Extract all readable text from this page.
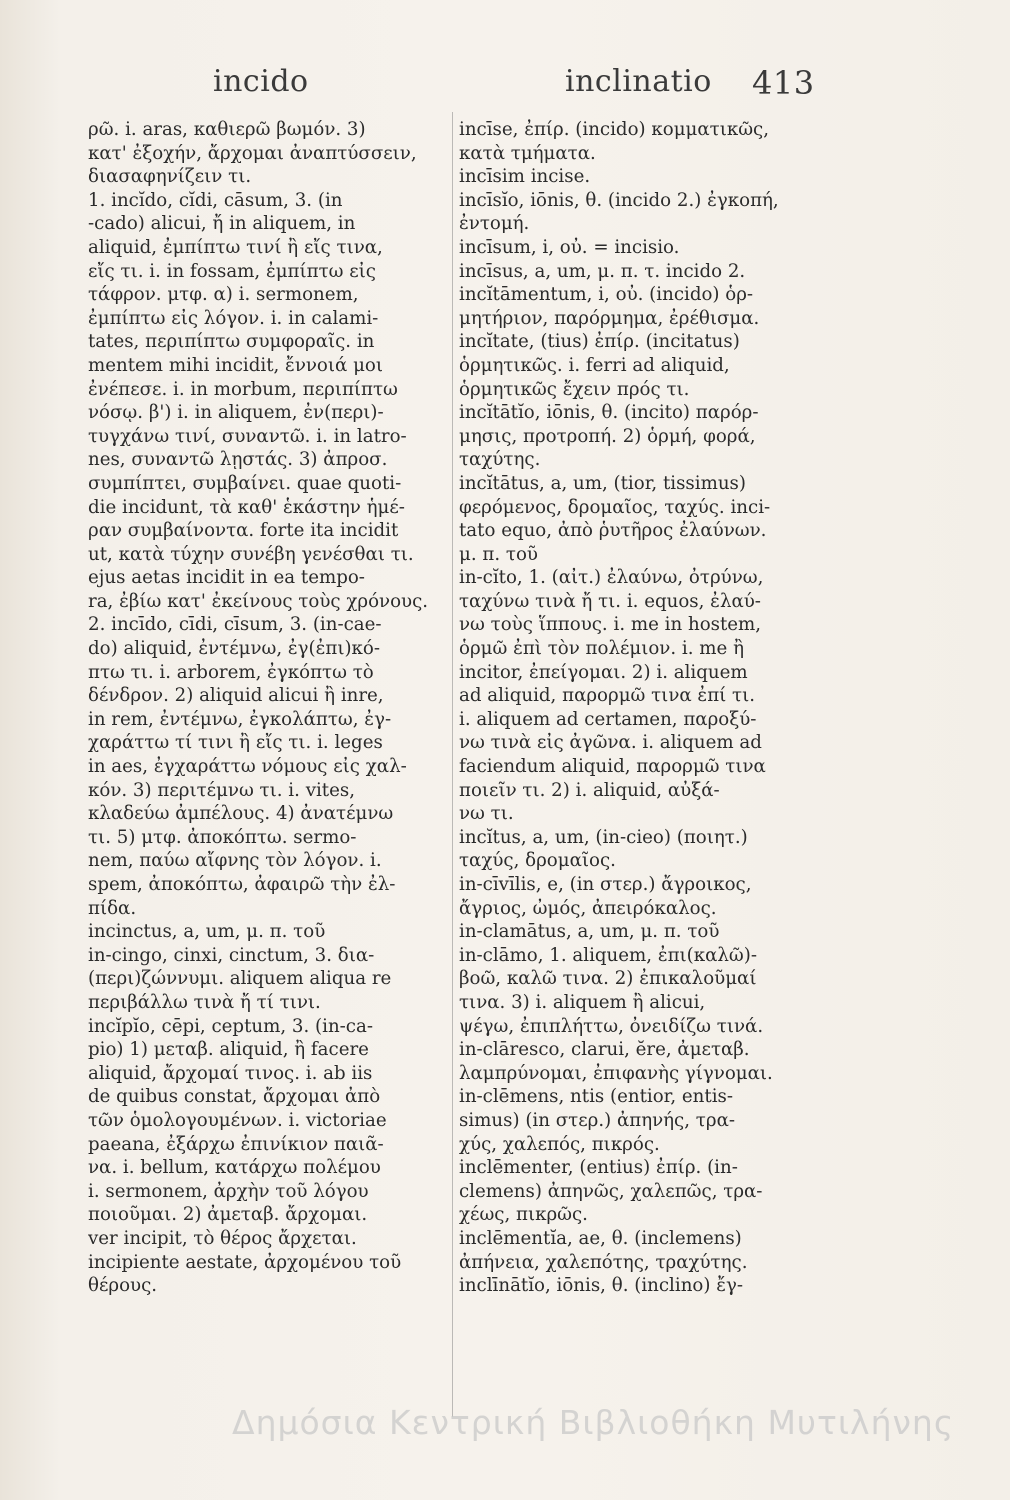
incido	inclinatio 413
ρῶ. i. aras, καθιερῶ βωμόν. 3)
κατ' ἐξοχήν, ἄρχομαι ἀναπτύσσειν,
διασαφηνίζειν τι.
1. incĭdo, cĭdi, cāsum, 3. (in
-cado) alicui, ἤ in aliquem, in
aliquid, ἐμπίπτω τινί ἢ εἴς τινα,
εἴς τι. i. in fossam, ἐμπίπτω εἰς
τάφρον. μτφ. α) i. sermonem,
ἐμπίπτω εἰς λόγον. i. in calami-
tates, περιπίπτω συμφοραῖς. in
mentem mihi incidit, ἔννοιά μοι
ἐνέπεσε. i. in morbum, περιπίπτω
νόσῳ. β') i. in aliquem, ἐν(περι)-
τυγχάνω τινί, συναντῶ. i. in latro-
nes, συναντῶ λῃστάς. 3) ἀπροσ.
συμπίπτει, συμβαίνει. quae quoti-
die incidunt, τὰ καθ' ἑκάστην ἡμέ-
ραν συμβαίνοντα. forte ita incidit
ut, κατὰ τύχην συνέβη γενέσθαι τι.
ejus aetas incidit in ea tempo-
ra, ἐβίω κατ' ἐκείνους τοὺς χρόνους.
2. incīdo, cīdi, cīsum, 3. (in-cae-
do) aliquid, ἐντέμνω, ἐγ(ἐπι)κό-
πτω τι. i. arborem, ἐγκόπτω τὸ
δένδρον. 2) aliquid alicui ἢ inre,
in rem, ἐντέμνω, ἐγκολάπτω, ἐγ-
χαράττω τί τινι ἢ εἴς τι. i. leges
in aes, ἐγχαράττω νόμους εἰς χαλ-
κόν. 3) περιτέμνω τι. i. vites,
κλαδεύω ἀμπέλους. 4) ἀνατέμνω
τι. 5) μτφ. ἀποκόπτω. sermo-
nem, παύω αἴφνης τὸν λόγον. i.
spem, ἀποκόπτω, ἀφαιρῶ τὴν ἐλ-
πίδα.
incinctus, a, um, μ. π. τοῦ
in-cingo, cinxi, cinctum, 3. δια-
(περι)ζώννυμι. aliquem aliqua re
περιβάλλω τινὰ ἤ τί τινι.
incĭpĭo, cēpi, ceptum, 3. (in-ca-
pio) 1) μεταβ. aliquid, ἢ facere
aliquid, ἄρχομαί τινος. i. ab iis
de quibus constat, ἄρχομαι ἀπὸ
τῶν ὁμολογουμένων. i. victoriae
paeana, ἐξάρχω ἐπινίκιον παιᾶ-
να. i. bellum, κατάρχω πολέμου
i. sermonem, ἀρχὴν τοῦ λόγου
ποιοῦμαι. 2) ἀμεταβ. ἄρχομαι.
ver incipit, τὸ θέρος ἄρχεται.
incipiente aestate, ἀρχομένου τοῦ
θέρους.
incīse, ἐπίρ. (incido) κομματικῶς,
κατὰ τμήματα.
incīsim incise.
incīsĭo, iōnis, θ. (incido 2.) ἐγκοπή,
ἐντομή.
incīsum, i, οὐ. = incisio.
incīsus, a, um, μ. π. τ. incido 2.
incĭtāmentum, i, οὐ. (incido) ὁρ-
μητήριον, παρόρμημα, ἐρέθισμα.
incĭtate, (tius) ἐπίρ. (incitatus)
ὁρμητικῶς. i. ferri ad aliquid,
ὁρμητικῶς ἔχειν πρός τι.
incĭtātĭo, iōnis, θ. (incito) παρόρ-
μησις, προτροπή. 2) ὁρμή, φορά,
ταχύτης.
incĭtātus, a, um, (tior, tissimus)
φερόμενος, δρομαῖος, ταχύς. inci-
tato equo, ἀπὸ ῥυτῆρος ἐλαύνων.
μ. π. τοῦ
in-cĭto, 1. (αἰτ.) ἐλαύνω, ὀτρύνω,
ταχύνω τινὰ ἤ τι. i. equos, ἐλαύ-
νω τοὺς ἵππους. i. me in hostem,
ὁρμῶ ἐπὶ τὸν πολέμιον. i. me ἢ
incitor, ἐπείγομαι. 2) i. aliquem
ad aliquid, παρορμῶ τινα ἐπί τι.
i. aliquem ad certamen, παροξύ-
νω τινὰ εἰς ἀγῶνα. i. aliquem ad
faciendum aliquid, παρορμῶ τινα
ποιεῖν τι. 2) i. aliquid, αὐξά-
νω τι.
incĭtus, a, um, (in-cieo) (ποιητ.)
ταχύς, δρομαῖος.
in-cīvīlis, e, (in στερ.) ἄγροικος,
ἄγριος, ὠμός, ἀπειρόκαλος.
in-clamātus, a, um, μ. π. τοῦ
in-clāmo, 1. aliquem, ἐπι(καλῶ)-
βοῶ, καλῶ τινα. 2) ἐπικαλοῦμαί
τινα. 3) i. aliquem ἢ alicui,
ψέγω, ἐπιπλήττω, ὀνειδίζω τινά.
in-clāresco, clarui, ĕre, ἀμεταβ.
λαμπρύνομαι, ἐπιφανὴς γίγνομαι.
in-clēmens, ntis (entior, entis-
simus) (in στερ.) ἀπηνής, τρα-
χύς, χαλεπός, πικρός.
inclēmenter, (entius) ἐπίρ. (in-
clemens) ἀπηνῶς, χαλεπῶς, τρα-
χέως, πικρῶς.
inclēmentĭa, ae, θ. (inclemens)
ἀπήνεια, χαλεπότης, τραχύτης.
inclīnātĭo, iōnis, θ. (inclino) ἔγ-
Δημόσια Κεντρική Βιβλιοθήκη Μυτιλήνης
